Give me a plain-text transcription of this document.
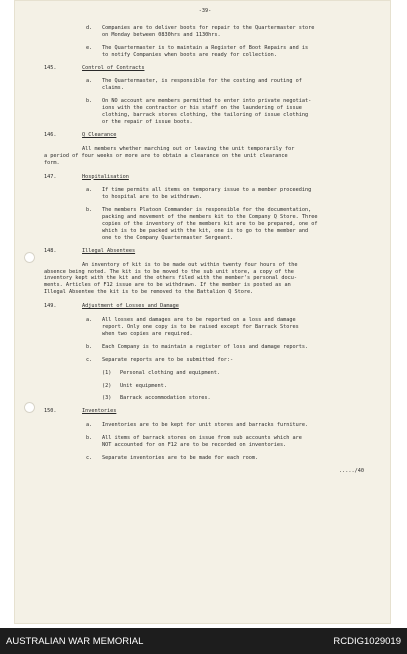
-39-
d.	Companies are to deliver boots for repair to the Quartermaster store
on Monday between 0830hrs and 1130hrs.
e.	The Quartermaster is to maintain a Register of Boot Repairs and is
to notify Companies when boots are ready for collection.
145.	Control of Contracts
a.	The Quartermaster, is responsible for the costing and routing of
claims.
b.	On NO account are members permitted to enter into private negotiat-
ions with the contractor or his staff on the laundering of issue
clothing, barrack stores clothing, the tailoring of issue clothing
or the repair of issue boots.
146.	Q Clearance
All members whether marching out or leaving the unit temporarily for
a period of four weeks or more are to obtain a clearance on the unit clearance
form.
147.	Hospitalisation
a.	If time permits all items on temporary issue to a member proceeding
to hospital are to be withdrawn.
b.	The members Platoon Commander is responsible for the documentation,
packing and movement of the members kit to the Company Q Store. Three
copies of the inventory of the members kit are to be prepared, one of
which is to be packed with the kit, one is to go to the member and
one to the Company Quartermaster Sergeant.
148.	Illegal Absentees
An inventory of kit is to be made out within twenty four hours of the
absence being noted. The kit is to be moved to the sub unit store, a copy of the
inventory kept with the kit and the others filed with the member's personal docu-
ments. Articles of F12 issue are to be withdrawn. If the member is posted as an
Illegal Absentee the kit is to be removed to the Battalion Q Store.
149.	Adjustment of Losses and Damage
a.	All losses and damages are to be reported on a loss and damage
report. Only one copy is to be raised except for Barrack Stores
when two copies are required.
b.	Each Company is to maintain a register of loss and damage reports.
c.	Separate reports are to be submitted for:-
(1)	Personal clothing and equipment.
(2)	Unit equipment.
(3)	Barrack accommodation stores.
150.	Inventories
a.	Inventories are to be kept for unit stores and barracks furniture.
b.	All items of barrack stores on issue from sub accounts which are
NOT accounted for on F12 are to be recorded on inventories.
c.	Separate inventories are to be made for each room.
...../40
AUSTRALIAN WAR MEMORIAL	RCDIG1029019
